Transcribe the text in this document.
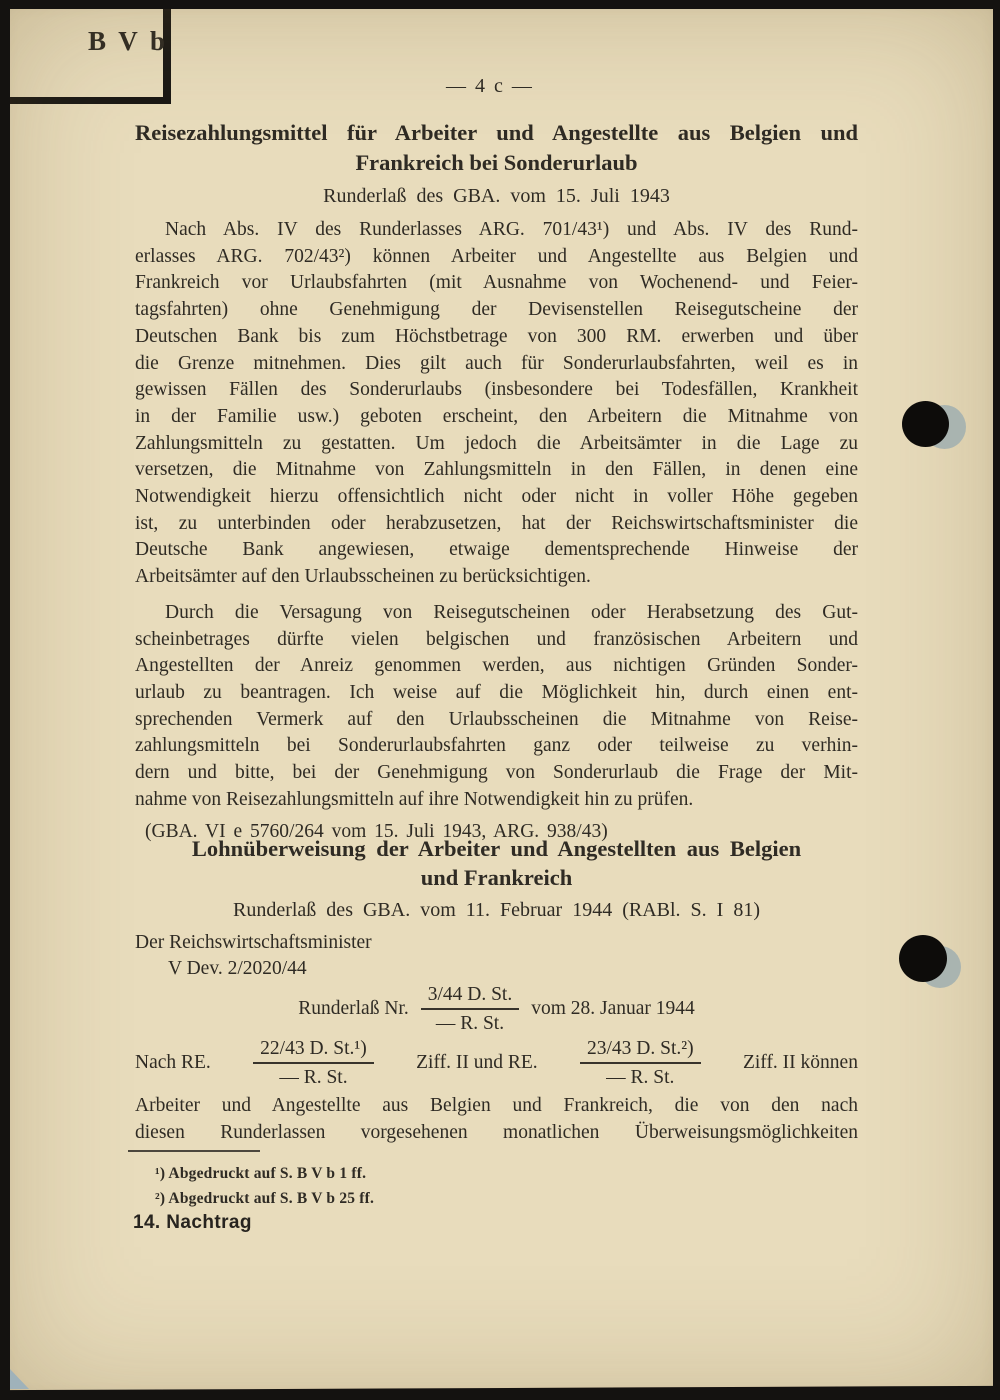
B V b
— 4 c —
Reisezahlungsmittel für Arbeiter und Angestellte aus Belgien und
Frankreich bei Sonderurlaub
Runderlaß des GBA. vom 15. Juli 1943
Nach Abs. IV des Runderlasses ARG. 701/43¹) und Abs. IV des Rund-
erlasses ARG. 702/43²) können Arbeiter und Angestellte aus Belgien und
Frankreich vor Urlaubsfahrten (mit Ausnahme von Wochenend- und Feier-
tagsfahrten) ohne Genehmigung der Devisenstellen Reisegutscheine der
Deutschen Bank bis zum Höchstbetrage von 300 RM. erwerben und über
die Grenze mitnehmen. Dies gilt auch für Sonderurlaubsfahrten, weil es in
gewissen Fällen des Sonderurlaubs (insbesondere bei Todesfällen, Krankheit
in der Familie usw.) geboten erscheint, den Arbeitern die Mitnahme von
Zahlungsmitteln zu gestatten. Um jedoch die Arbeitsämter in die Lage zu
versetzen, die Mitnahme von Zahlungsmitteln in den Fällen, in denen eine
Notwendigkeit hierzu offensichtlich nicht oder nicht in voller Höhe gegeben
ist, zu unterbinden oder herabzusetzen, hat der Reichswirtschaftsminister die
Deutsche Bank angewiesen, etwaige dementsprechende Hinweise der
Arbeitsämter auf den Urlaubsscheinen zu berücksichtigen.
Durch die Versagung von Reisegutscheinen oder Herabsetzung des Gut-
scheinbetrages dürfte vielen belgischen und französischen Arbeitern und
Angestellten der Anreiz genommen werden, aus nichtigen Gründen Sonder-
urlaub zu beantragen. Ich weise auf die Möglichkeit hin, durch einen ent-
sprechenden Vermerk auf den Urlaubsscheinen die Mitnahme von Reise-
zahlungsmitteln bei Sonderurlaubsfahrten ganz oder teilweise zu verhin-
dern und bitte, bei der Genehmigung von Sonderurlaub die Frage der Mit-
nahme von Reisezahlungsmitteln auf ihre Notwendigkeit hin zu prüfen.
(GBA. VI e 5760/264 vom 15. Juli 1943, ARG. 938/43)
Lohnüberweisung der Arbeiter und Angestellten aus Belgien
und Frankreich
Runderlaß des GBA. vom 11. Februar 1944 (RABl. S. I 81)
Der Reichswirtschaftsminister
V Dev. 2/2020/44
Runderlaß Nr. $\frac{3/44 D. St.}{— R. St.}$ vom 28. Januar 1944
Nach RE. $\frac{\text{22/43 D. St.¹)}}{— R. St.}$ Ziff. II und RE. $\frac{\text{23/43 D. St.²)}}{— R. St.}$ Ziff. II können
Arbeiter und Angestellte aus Belgien und Frankreich, die von den nach
diesen Runderlassen vorgesehenen monatlichen Überweisungsmöglichkeiten
¹) Abgedruckt auf S. B V b 1 ff.
²) Abgedruckt auf S. B V b 25 ff.
14. Nachtrag
